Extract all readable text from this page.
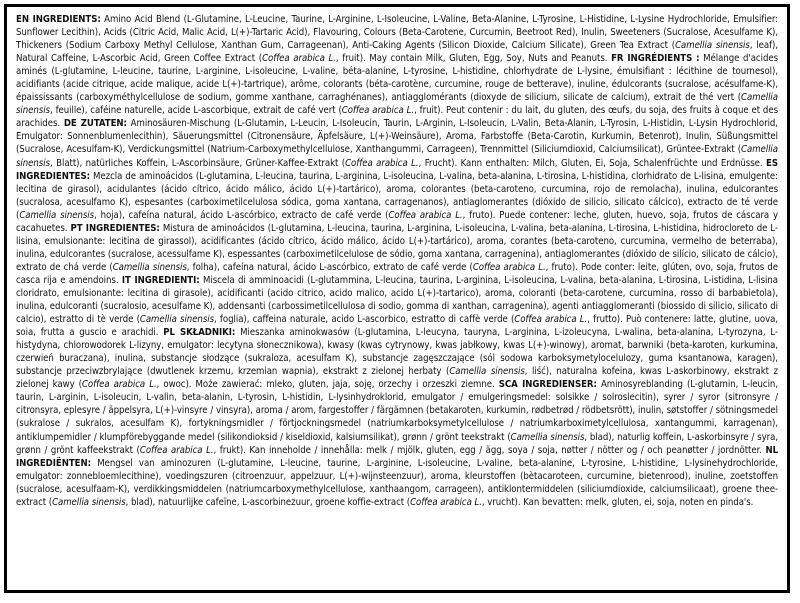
EN INGREDIENTS: Amino Acid Blend (L-Glutamine, L-Leucine, Taurine, L-Arginine, L-Isoleucine, L-Valine, Beta-Alanine, L-Tyrosine, L-Histidine, L-Lysine Hydrochloride, Emulsifier: Sunflower Lecithin), Acids (Citric Acid, Malic Acid, L(+)-Tartaric Acid), Flavouring, Colours (Beta-Carotene, Curcumin, Beetroot Red), Inulin, Sweeteners (Sucralose, Acesulfame K), Thickeners (Sodium Carboxy Methyl Cellulose, Xanthan Gum, Carrageenan), Anti-Caking Agents (Silicon Dioxide, Calcium Silicate), Green Tea Extract (Camellia sinensis, leaf), Natural Caffeine, L-Ascorbic Acid, Green Coffee Extract (Coffea arabica L., fruit). May contain Milk, Gluten, Egg, Soy, Nuts and Peanuts. FR INGRÉDIENTS : Mélange d'acides aminés (L-glutamine, L-leucine, taurine, L-arginine, L-isoleucine, L-valine, béta-alanine, L-tyrosine, L-histidine, chlorhydrate de L-lysine, émulsifiant : lécithine de tournesol), acidifiants (acide citrique, acide malique, acide L(+)-tartrique), arôme, colorants (béta-carotène, curcumine, rouge de betterave), inuline, édulcorants (sucralose, acésulfame-K), épaississants (carboxyméthylcellulose de sodium, gomme xanthane, carraghénanes), antiagglomérants (dioxyde de silicium, silicate de calcium), extrait de thé vert (Camellia sinensis, feuille), caféine naturelle, acide L-ascorbique, extrait de café vert (Coffea arabica L., fruit). Peut contenir : du lait, du gluten, des œufs, du soja, des fruits à coque et des arachides. DE ZUTATEN: Aminosäuren-Mischung (L-Glutamin, L-Leucin, L-Isoleucin, Taurin, L-Arginin, L-Isoleucin, L-Valin, Beta-Alanin, L-Tyrosin, L-Histidin, L-Lysin Hydrochlorid, Emulgator: Sonnenblumenlecithin), Säuerungsmittel (Citronensäure, Äpfelsäure, L(+)-Weinsäure), Aroma, Farbstoffe (Beta-Carotin, Kurkumin, Betenrot), Inulin, Süßungsmittel (Sucralose, Acesulfam-K), Verdickungsmittel (Natrium-Carboxymethylcellulose, Xanthangummi, Carrageen), Trennmittel (Siliciumdioxid, Calciumsilicat), Grüntee-Extrakt (Camellia sinensis, Blatt), natürliches Koffein, L-Ascorbinsäure, Grüner-Kaffee-Extrakt (Coffea arabica L., Frucht). Kann enthalten: Milch, Gluten, Ei, Soja, Schalenfrüchte und Erdnüsse. ES INGREDIENTES: Mezcla de aminoácidos (L-glutamina, L-leucina, taurina, L-arginina, L-isoleucina, L-valina, beta-alanina, L-tirosina, L-histidina, clorhidrato de L-lisina, emulgente: lecitina de girasol), acidulantes (ácido cítrico, ácido málico, ácido L(+)-tartárico), aroma, colorantes (beta-caroteno, curcumina, rojo de remolacha), inulina, edulcorantes (sucralosa, acesulfamo K), espesantes (carboximetilcelulosa sódica, goma xantana, carragenanos), antiaglomerantes (dióxido de silicio, silicato cálcico), extracto de té verde (Camellia sinensis, hoja), cafeína natural, ácido L-ascórbico, extracto de café verde (Coffea arabica L., fruto). Puede contener: leche, gluten, huevo, soja, frutos de cáscara y cacahuetes. PT INGREDIENTES: Mistura de aminoácidos (L-glutamina, L-leucina, taurina, L-arginina, L-isoleucina, L-valina, beta-alanina, L-tirosina, L-histidina, hidrocloreto de L-lisina, emulsionante: lecitina de girassol), acidificantes (ácido cítrico, ácido málico, ácido L(+)-tartárico), aroma, corantes (beta-caroteno, curcumina, vermelho de beterraba), inulina, edulcorantes (sucralose, acessulfame K), espessantes (carboximetilcelulose de sódio, goma xantana, carragenina), antiaglomerantes (dióxido de silício, silicato de cálcio), extrato de chá verde (Camellia sinensis, folha), cafeína natural, ácido L-ascórbico, extrato de café verde (Coffea arabica L., fruto). Pode conter: leite, glúten, ovo, soja, frutos de casca rija e amendoins. IT INGREDIENTI: Miscela di amminoacidi (L-glutammina, L-leucina, taurina, L-arginina, L-isoleucina, L-valina, beta-alanina, L-tirosina, L-istidina, L-lisina cloridrato, emulsionante: lecitina di girasole), acidificanti (acido citrico, acido malico, acido L(+)-tartarico), aroma, coloranti (beta-carotene, curcumina, rosso di barbabietola), inulina, edulcoranti (sucralosio, acesulfame K), addensanti (carbossimetilcellulosa di sodio, gomma di xanthan, carragenina), agenti antiagglomeranti (biossido di silicio, silicato di calcio), estratto di tè verde (Camellia sinensis, foglia), caffeina naturale, acido L-ascorbico, estratto di caffè verde (Coffea arabica L., frutto). Può contenere: latte, glutine, uova, soia, frutta a guscio e arachidi. PL SKŁADNIKI: Mieszanka aminokwasów (L-glutamina, L-leucyna, tauryna, L-arginina, L-izoleucyna, L-walina, beta-alanina, L-tyrozyna, L-histydyna, chlorowodorek L-lizyny, emulgator: lecytyna słonecznikowa), kwasy (kwas cytrynowy, kwas jabłkowy, kwas L(+)-winowy), aromat, barwniki (beta-karoten, kurkumina, czerwień buraczana), inulina, substancje słodzące (sukraloza, acesulfam K), substancje zagęszczające (sól sodowa karboksymetylocelulozy, guma ksantanowa, karagen), substancje przeciwzbrylające (dwutlenek krzemu, krzemian wapnia), ekstrakt z zielonej herbaty (Camellia sinensis, liść), naturalna kofeina, kwas L-askorbinowy, ekstrakt z zielonej kawy (Coffea arabica L., owoc). Może zawierać: mleko, gluten, jaja, soję, orzechy i orzeszki ziemne. SCA INGREDIENSER: Aminosyreblanding (L-glutamin, L-leucin, taurin, L-arginin, L-isoleucin, L-valin, beta-alanin, L-tyrosin, L-histidin, L-lysinhydroklorid, emulgator / emulgeringsmedel: solsikke / solroslecitin), syrer / syror (sitronsyre / citronsyra, eplesyre / äppelsyra, L(+)-vinsyre / vinsyra), aroma / arom, fargestoffer / färgämnen (betakaroten, kurkumin, rødbetrød / rödbetsrött), inulin, søtstoffer / sötningsmedel (sukralose / sukralos, acesulfam K), fortykningsmidler / förtjockningsmedel (natriumkarboksymetylcellulose / natriumkarboximetylcellulosa, xantangummi, karragenan), antiklumpemidler / klumpförebyggande medel (silikondioksid / kiseldioxid, kalsiumsilikat), grønn / grönt teekstrakt (Camellia sinensis, blad), naturlig koffein, L-askorbinsyre / syra, grønn / grönt kaffeekstrakt (Coffea arabica L., frukt). Kan inneholde / innehålla: melk / mjölk, gluten, egg / ägg, soya / soja, nøtter / nötter og / och peanøtter / jordnötter. NL INGREDIËNTEN: Mengsel van aminozuren (L-glutamine, L-leucine, taurine, L-arginine, L-isoleucine, L-valine, beta-alanine, L-tyrosine, L-histidine, L-lysinehydrochloride, emulgator: zonnebloemlecithine), voedingszuren (citroenzuur, appelzuur, L(+)-wijnsteenzuur), aroma, kleurstoffen (bètacaroteen, curcumine, bietenrood), inuline, zoetstoffen (sucralose, acesulfaam-K), verdikkingsmiddelen (natriumcarboxymethylcellulose, xanthaangom, carrageen), antiklontermiddelen (siliciumdioxide, calciumsilicaat), groene thee-extract (Camellia sinensis, blad), natuurlijke cafeïne, L-ascorbinezuur, groene koffie-extract (Coffea arabica L., vrucht). Kan bevatten: melk, gluten, ei, soja, noten en pinda's.
